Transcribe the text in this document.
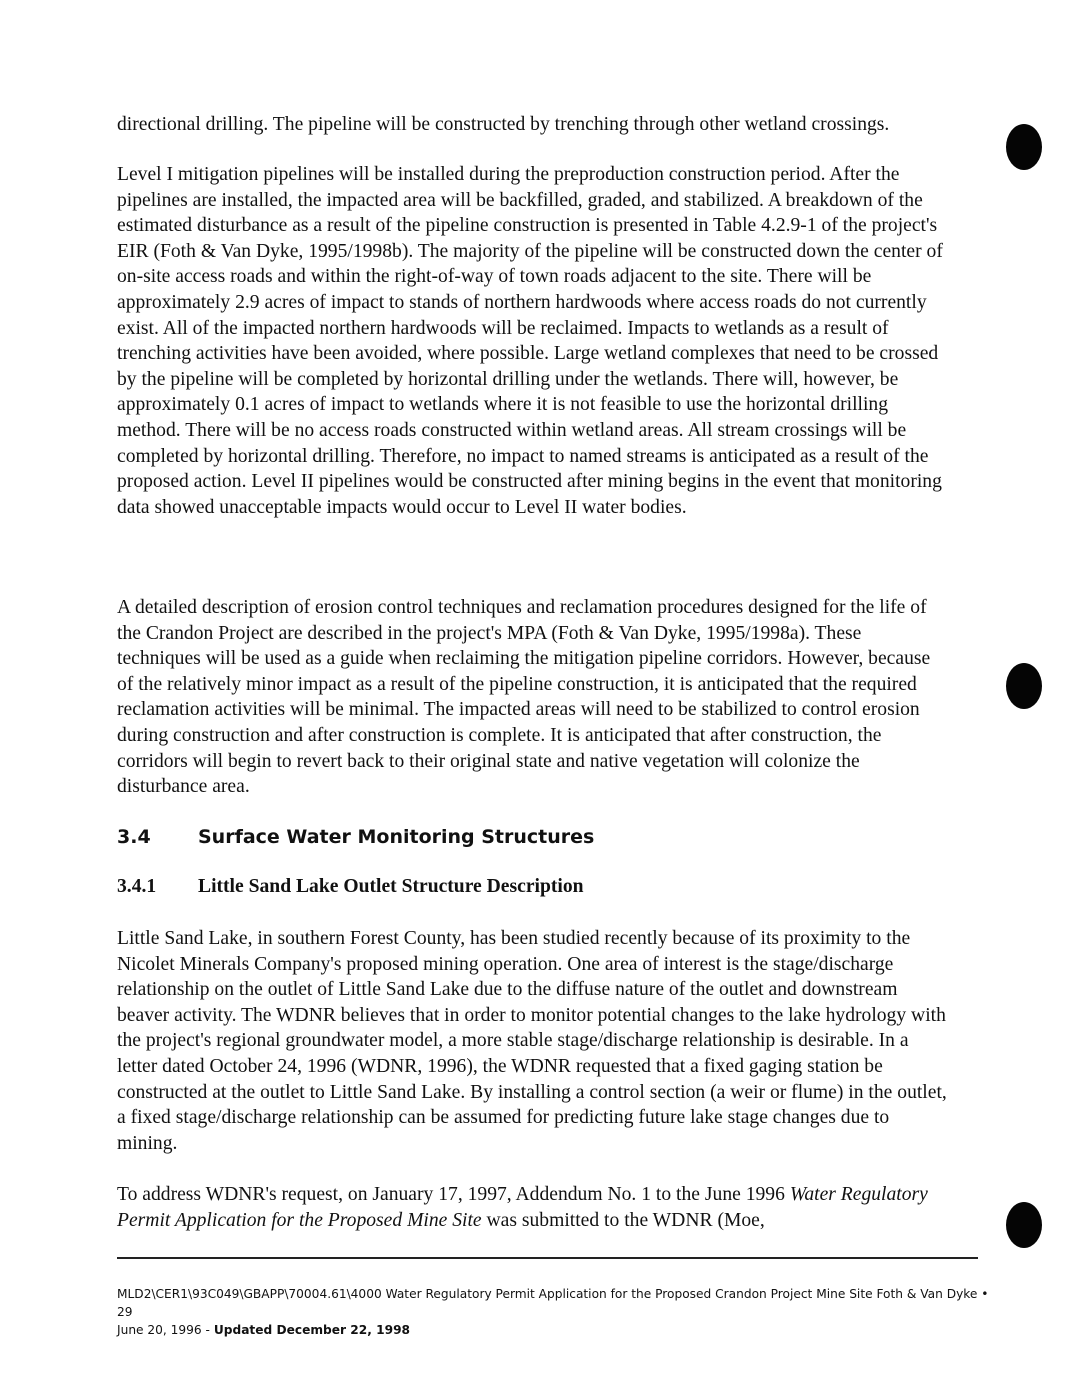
directional drilling. The pipeline will be constructed by trenching through other wetland crossings.

Level I mitigation pipelines will be installed during the preproduction construction period. After the pipelines are installed, the impacted area will be backfilled, graded, and stabilized. A breakdown of the estimated disturbance as a result of the pipeline construction is presented in Table 4.2.9-1 of the project's EIR (Foth & Van Dyke, 1995/1998b). The majority of the pipeline will be constructed down the center of on-site access roads and within the right-of-way of town roads adjacent to the site. There will be approximately 2.9 acres of impact to stands of northern hardwoods where access roads do not currently exist. All of the impacted northern hardwoods will be reclaimed. Impacts to wetlands as a result of trenching activities have been avoided, where possible. Large wetland complexes that need to be crossed by the pipeline will be completed by horizontal drilling under the wetlands. There will, however, be approximately 0.1 acres of impact to wetlands where it is not feasible to use the horizontal drilling method. There will be no access roads constructed within wetland areas. All stream crossings will be completed by horizontal drilling. Therefore, no impact to named streams is anticipated as a result of the proposed action. Level II pipelines would be constructed after mining begins in the event that monitoring data showed unacceptable impacts would occur to Level II water bodies.

A detailed description of erosion control techniques and reclamation procedures designed for the life of the Crandon Project are described in the project's MPA (Foth & Van Dyke, 1995/1998a). These techniques will be used as a guide when reclaiming the mitigation pipeline corridors. However, because of the relatively minor impact as a result of the pipeline construction, it is anticipated that the required reclamation activities will be minimal. The impacted areas will need to be stabilized to control erosion during construction and after construction is complete. It is anticipated that after construction, the corridors will begin to revert back to their original state and native vegetation will colonize the disturbance area.

3.4 Surface Water Monitoring Structures
3.4.1 Little Sand Lake Outlet Structure Description

Little Sand Lake, in southern Forest County, has been studied recently because of its proximity to the Nicolet Minerals Company's proposed mining operation. One area of interest is the stage/discharge relationship on the outlet of Little Sand Lake due to the diffuse nature of the outlet and downstream beaver activity. The WDNR believes that in order to monitor potential changes to the lake hydrology with the project's regional groundwater model, a more stable stage/discharge relationship is desirable. In a letter dated October 24, 1996 (WDNR, 1996), the WDNR requested that a fixed gaging station be constructed at the outlet to Little Sand Lake. By installing a control section (a weir or flume) in the outlet, a fixed stage/discharge relationship can be assumed for predicting future lake stage changes due to mining.

To address WDNR's request, on January 17, 1997, Addendum No. 1 to the June 1996 Water Regulatory Permit Application for the Proposed Mine Site was submitted to the WDNR (Moe,

MLD2\CER1\93C049\GBAPP\70004.61\4000 Water Regulatory Permit Application for the Proposed Crandon Project Mine Site Foth & Van Dyke • 29
June 20, 1996 - Updated December 22, 1998
